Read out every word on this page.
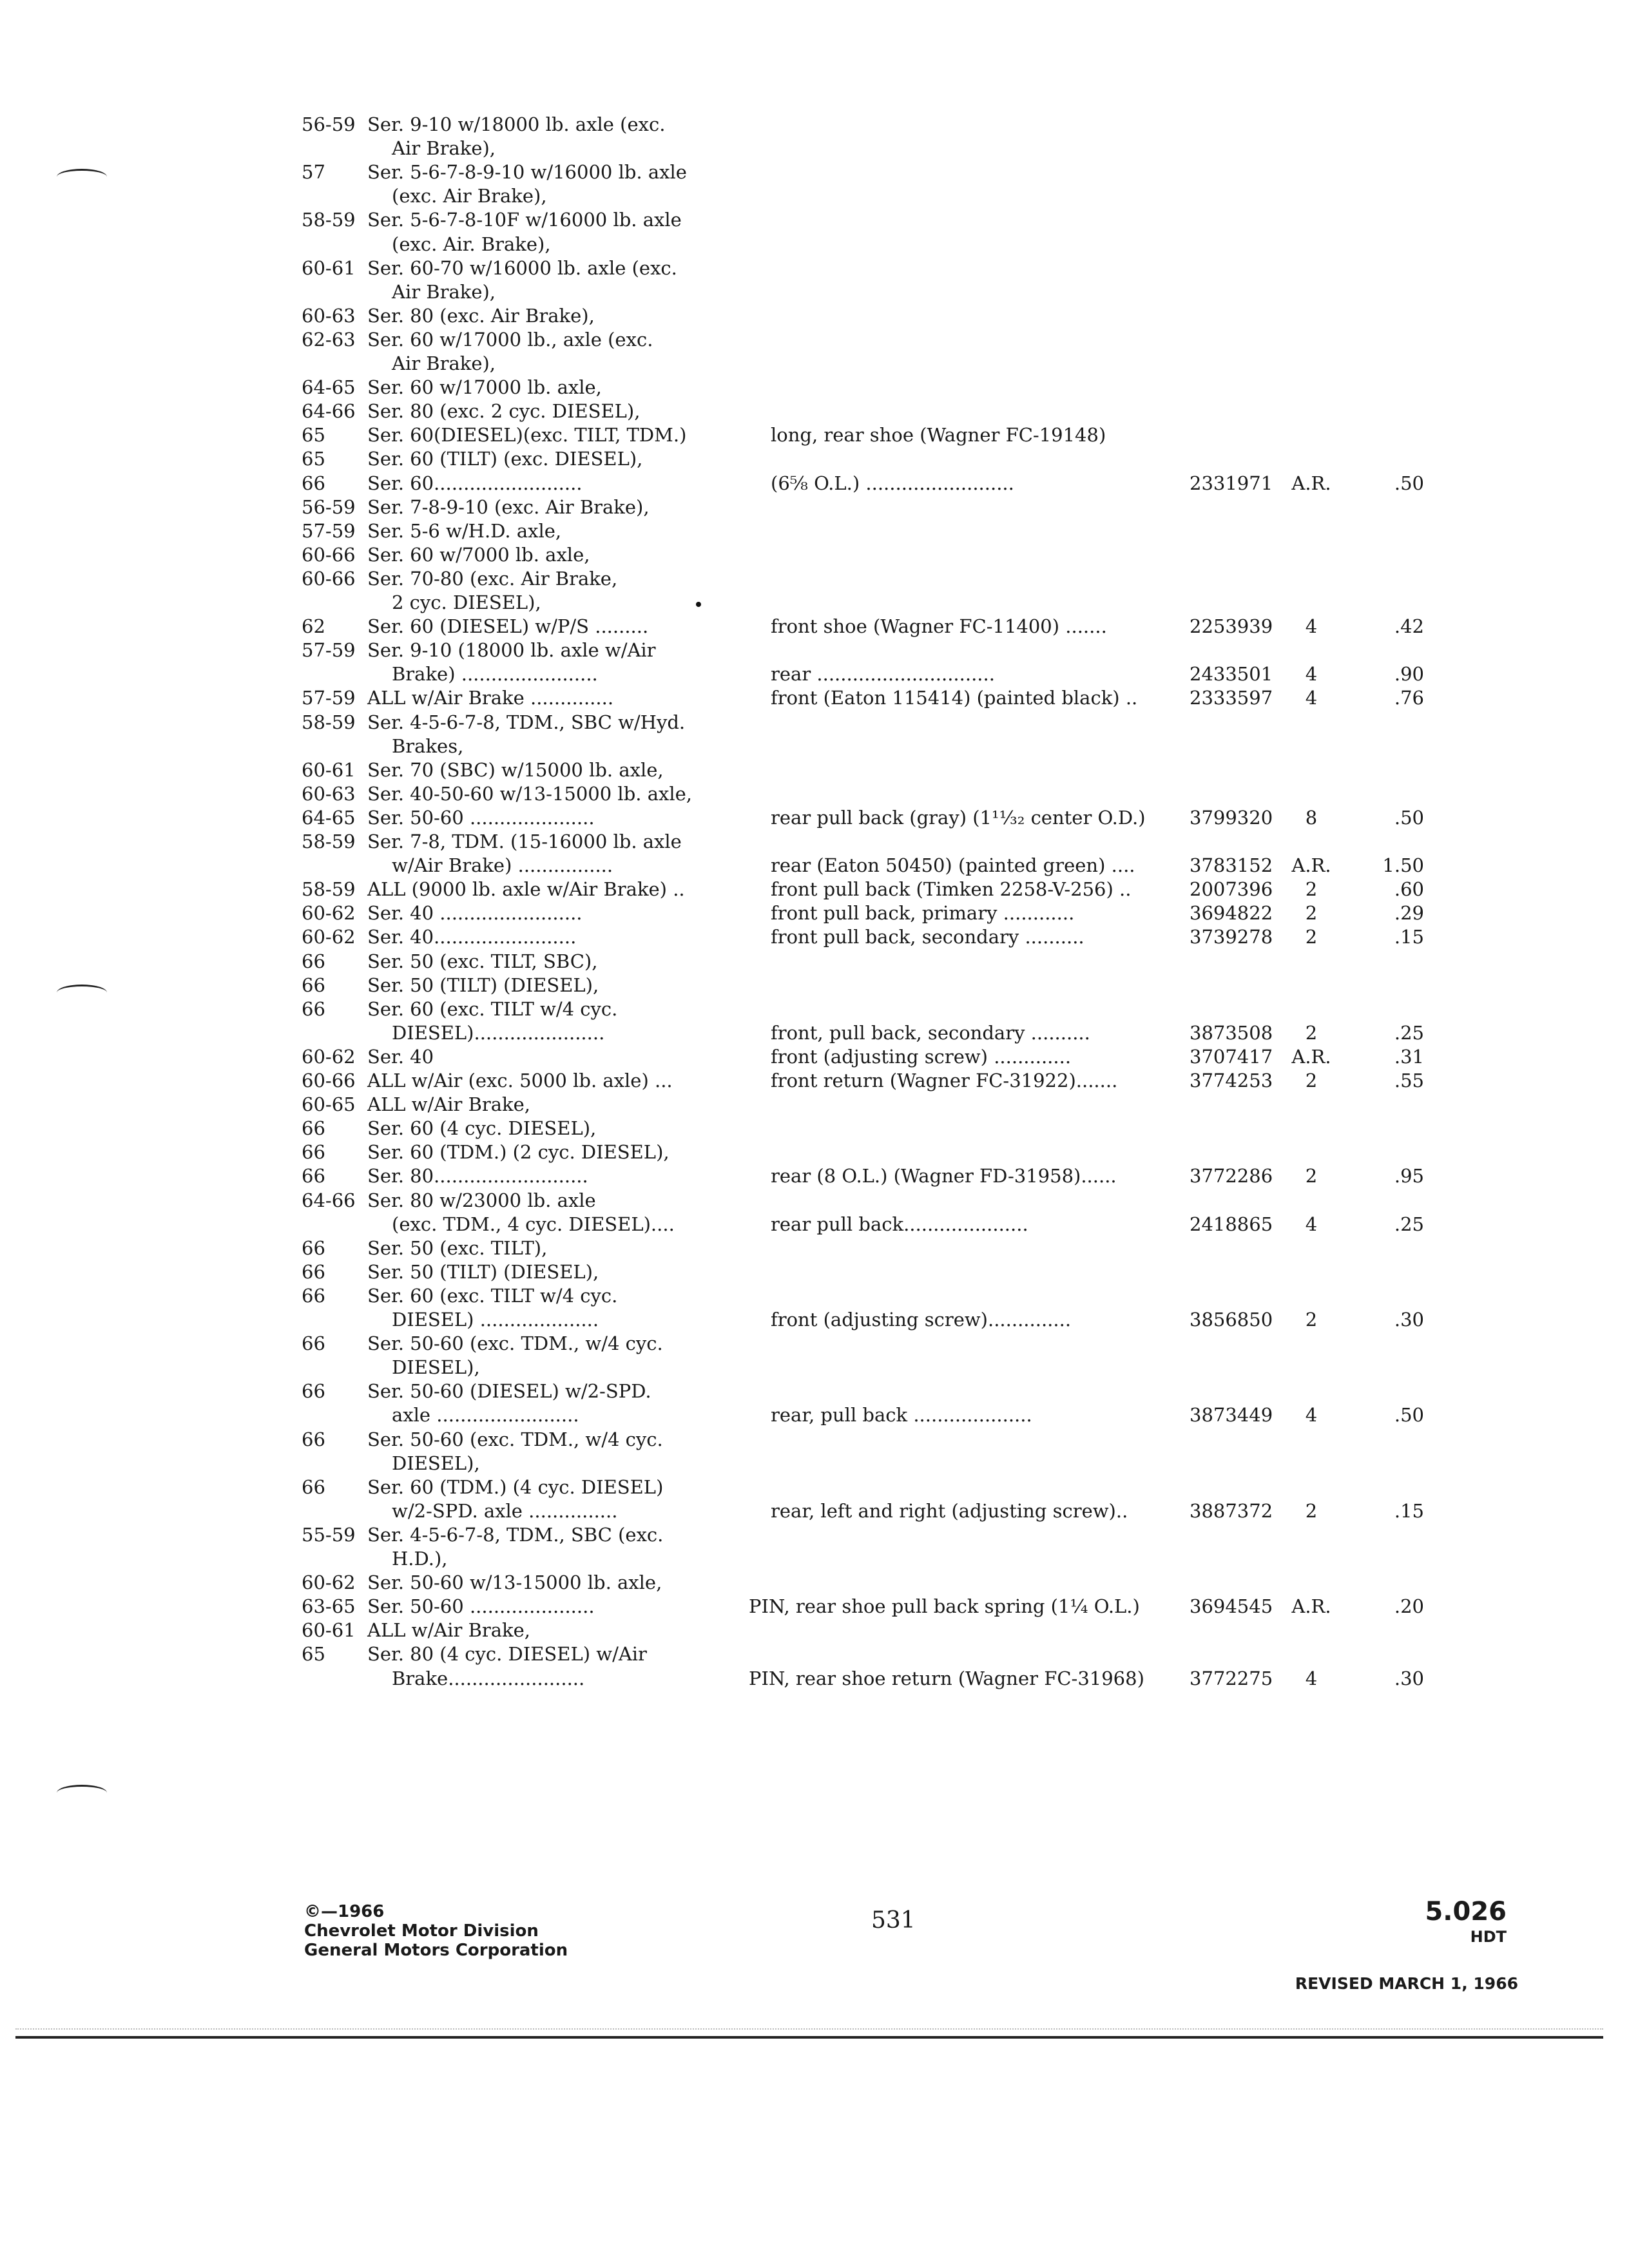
56-59 Ser. 9-10 w/18000 lb. axle (exc.
Air Brake),
57 Ser. 5-6-7-8-9-10 w/16000 lb. axle
(exc. Air Brake),
58-59 Ser. 5-6-7-8-10F w/16000 lb. axle
(exc. Air. Brake),
60-61 Ser. 60-70 w/16000 lb. axle (exc.
Air Brake),
60-63 Ser. 80 (exc. Air Brake),
62-63 Ser. 60 w/17000 lb., axle (exc.
Air Brake),
64-65 Ser. 60 w/17000 lb. axle,
64-66 Ser. 80 (exc. 2 cyc. DIESEL),
65 Ser. 60(DIESEL)(exc. TILT, TDM.)	long, rear shoe (Wagner FC-19148)
65 Ser. 60 (TILT) (exc. DIESEL),
66 Ser. 60.........................	(6⅝ O.L.) .........................	2331971	A.R.	.50
56-59 Ser. 7-8-9-10 (exc. Air Brake),
57-59 Ser. 5-6 w/H.D. axle,
60-66 Ser. 60 w/7000 lb. axle,
60-66 Ser. 70-80 (exc. Air Brake,
2 cyc. DIESEL),
62 Ser. 60 (DIESEL) w/P/S .........	front shoe (Wagner FC-11400) .......	2253939	4	.42
57-59 Ser. 9-10 (18000 lb. axle w/Air
Brake) .......................	rear ..............................	2433501	4	.90
57-59 ALL w/Air Brake ..............	front (Eaton 115414) (painted black) ..	2333597	4	.76
58-59 Ser. 4-5-6-7-8, TDM., SBC w/Hyd.
Brakes,
60-61 Ser. 70 (SBC) w/15000 lb. axle,
60-63 Ser. 40-50-60 w/13-15000 lb. axle,
64-65 Ser. 50-60 .....................	rear pull back (gray) (1¹¹⁄₃₂ center O.D.) 3799320	8	.50
58-59 Ser. 7-8, TDM. (15-16000 lb. axle
w/Air Brake) ................	rear (Eaton 50450) (painted green) ....	3783152	A.R.	1.50
58-59 ALL (9000 lb. axle w/Air Brake) ..	front pull back (Timken 2258-V-256) ..	2007396	2	.60
60-62 Ser. 40 ........................	front pull back, primary ............	3694822	2	.29
60-62 Ser. 40........................	front pull back, secondary ..........	3739278	2	.15
66 Ser. 50 (exc. TILT, SBC),
66 Ser. 50 (TILT) (DIESEL),
66 Ser. 60 (exc. TILT w/4 cyc.
DIESEL)......................	front, pull back, secondary ..........	3873508	2	.25
60-62 Ser. 40	front (adjusting screw) .............	3707417	A.R.	.31
60-66 ALL w/Air (exc. 5000 lb. axle) ...	front return (Wagner FC-31922).......	3774253	2	.55
60-65 ALL w/Air Brake,
66 Ser. 60 (4 cyc. DIESEL),
66 Ser. 60 (TDM.) (2 cyc. DIESEL),
66 Ser. 80..........................	rear (8 O.L.) (Wagner FD-31958)......	3772286	2	.95
64-66 Ser. 80 w/23000 lb. axle
(exc. TDM., 4 cyc. DIESEL)....	rear pull back.....................	2418865	4	.25
66 Ser. 50 (exc. TILT),
66 Ser. 50 (TILT) (DIESEL),
66 Ser. 60 (exc. TILT w/4 cyc.
DIESEL) ....................	front (adjusting screw)..............	3856850	2	.30
66 Ser. 50-60 (exc. TDM., w/4 cyc.
DIESEL),
66 Ser. 50-60 (DIESEL) w/2-SPD.
axle ........................	rear, pull back ....................	3873449	4	.50
66 Ser. 50-60 (exc. TDM., w/4 cyc.
DIESEL),
66 Ser. 60 (TDM.) (4 cyc. DIESEL)
w/2-SPD. axle ...............	rear, left and right (adjusting screw)..	3887372	2	.15
55-59 Ser. 4-5-6-7-8, TDM., SBC (exc.
H.D.),
60-62 Ser. 50-60 w/13-15000 lb. axle,
63-65 Ser. 50-60 .....................	PIN, rear shoe pull back spring (1¼ O.L.)	3694545	A.R.	.20
60-61 ALL w/Air Brake,
65 Ser. 80 (4 cyc. DIESEL) w/Air
Brake.......................	PIN, rear shoe return (Wagner FC-31968) 3772275	4	.30
©—1966
Chevrolet Motor Division
General Motors Corporation
531	5.026
HDT
REVISED MARCH 1, 1966
